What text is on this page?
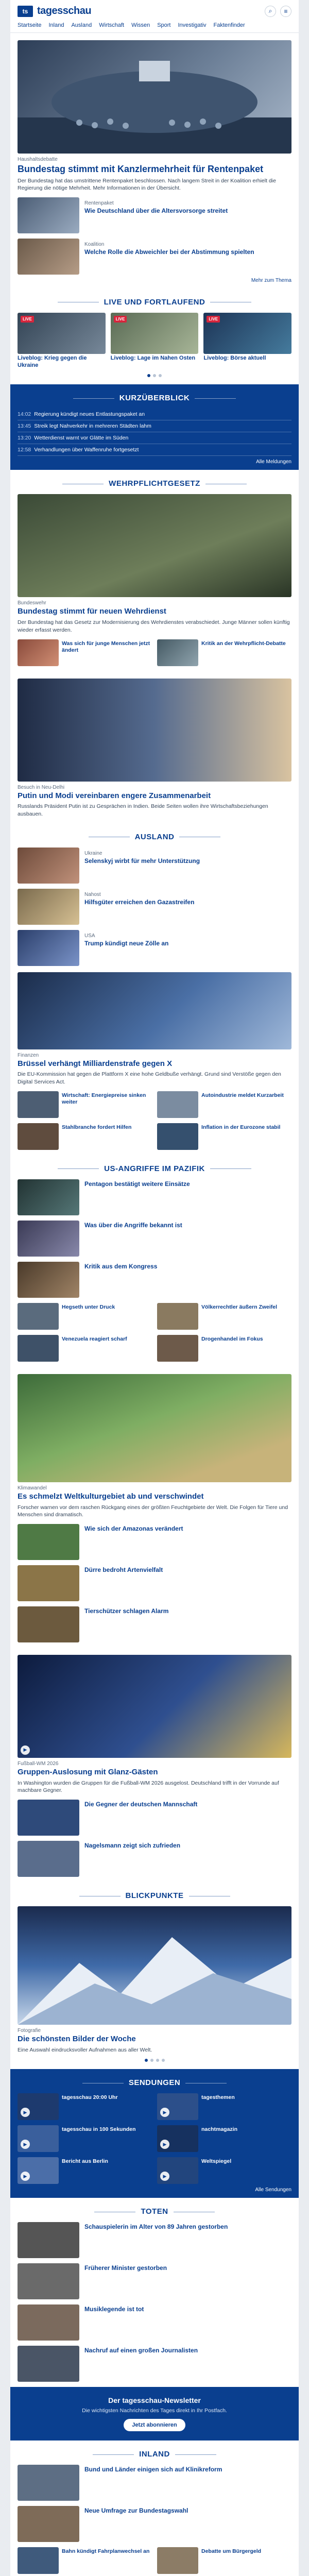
ts tagesschau	⌕	≡
Startseite Inland Ausland Wirtschaft Wissen Sport Investigativ Faktenfinder
Haushaltsdebatte
Bundestag stimmt mit Kanzlermehrheit für Rentenpaket
Der Bundestag hat das umstrittene Rentenpaket beschlossen. Nach langem Streit in der Koalition erhielt die Regierung die nötige Mehrheit. Mehr Informationen in der Übersicht.
Rentenpaket
Wie Deutschland über die Altersvorsorge streitet
Koalition
Welche Rolle die Abweichler bei der Abstimmung spielten
Mehr zum Thema
LIVE UND FORTLAUFEND
LIVE
Liveblog: Krieg gegen die Ukraine
LIVE
Liveblog: Lage im Nahen Osten
LIVE
Liveblog: Börse aktuell
KURZÜBERBLICK
14:02 Regierung kündigt neues Entlastungspaket an
13:45 Streik legt Nahverkehr in mehreren Städten lahm
13:20 Wetterdienst warnt vor Glätte im Süden
12:58 Verhandlungen über Waffenruhe fortgesetzt
Alle Meldungen
WEHRPFLICHTGESETZ
Bundeswehr
Bundestag stimmt für neuen Wehrdienst
Der Bundestag hat das Gesetz zur Modernisierung des Wehrdienstes verabschiedet. Junge Männer sollen künftig wieder erfasst werden.
Was sich für junge Menschen jetzt ändert
Kritik an der Wehrpflicht-Debatte
Besuch in Neu-Delhi
Putin und Modi vereinbaren engere Zusammenarbeit
Russlands Präsident Putin ist zu Gesprächen in Indien. Beide Seiten wollen ihre Wirtschaftsbeziehungen ausbauen.
AUSLAND
Ukraine
Selenskyj wirbt für mehr Unterstützung
Nahost
Hilfsgüter erreichen den Gazastreifen
USA
Trump kündigt neue Zölle an
Finanzen
Brüssel verhängt Milliardenstrafe gegen X
Die EU-Kommission hat gegen die Plattform X eine hohe Geldbuße verhängt. Grund sind Verstöße gegen den Digital Services Act.
Wirtschaft: Energiepreise sinken weiter
Autoindustrie meldet Kurzarbeit
Stahlbranche fordert Hilfen	Inflation in der Eurozone stabil
US-ANGRIFFE IM PAZIFIK
Pentagon bestätigt weitere Einsätze
Was über die Angriffe bekannt ist
Kritik aus dem Kongress
Hegseth unter Druck	Völkerrechtler äußern Zweifel
Venezuela reagiert scharf	Drogenhandel im Fokus
Klimawandel
Es schmelzt Weltkulturgebiet ab und verschwindet
Forscher warnen vor dem raschen Rückgang eines der größten Feuchtgebiete der Welt. Die Folgen für Tiere und Menschen sind dramatisch.
Wie sich der Amazonas verändert
Dürre bedroht Artenvielfalt
Tierschützer schlagen Alarm
▶
Fußball-WM 2026
Gruppen-Auslosung mit Glanz-Gästen
In Washington wurden die Gruppen für die Fußball-WM 2026 ausgelost. Deutschland trifft in der Vorrunde auf machbare Gegner.
Die Gegner der deutschen Mannschaft
Nagelsmann zeigt sich zufrieden
BLICKPUNKTE
Fotografie
Die schönsten Bilder der Woche
Eine Auswahl eindrucksvoller Aufnahmen aus aller Welt.
SENDUNGEN
▶
tagesschau 20:00 Uhr
▶
tagesthemen
▶
tagesschau in 100 Sekunden
▶
nachtmagazin
▶
Bericht aus Berlin
▶
Weltspiegel
Alle Sendungen
TOTEN
Schauspielerin im Alter von 89 Jahren gestorben
Früherer Minister gestorben
Musiklegende ist tot
Nachruf auf einen großen Journalisten
Der tagesschau-Newsletter
Die wichtigsten Nachrichten des Tages direkt in Ihr Postfach.
Jetzt abonnieren
INLAND
Bund und Länder einigen sich auf Klinikreform
Neue Umfrage zur Bundestagswahl
Bahn kündigt Fahrplanwechsel an	Debatte um Bürgergeld
